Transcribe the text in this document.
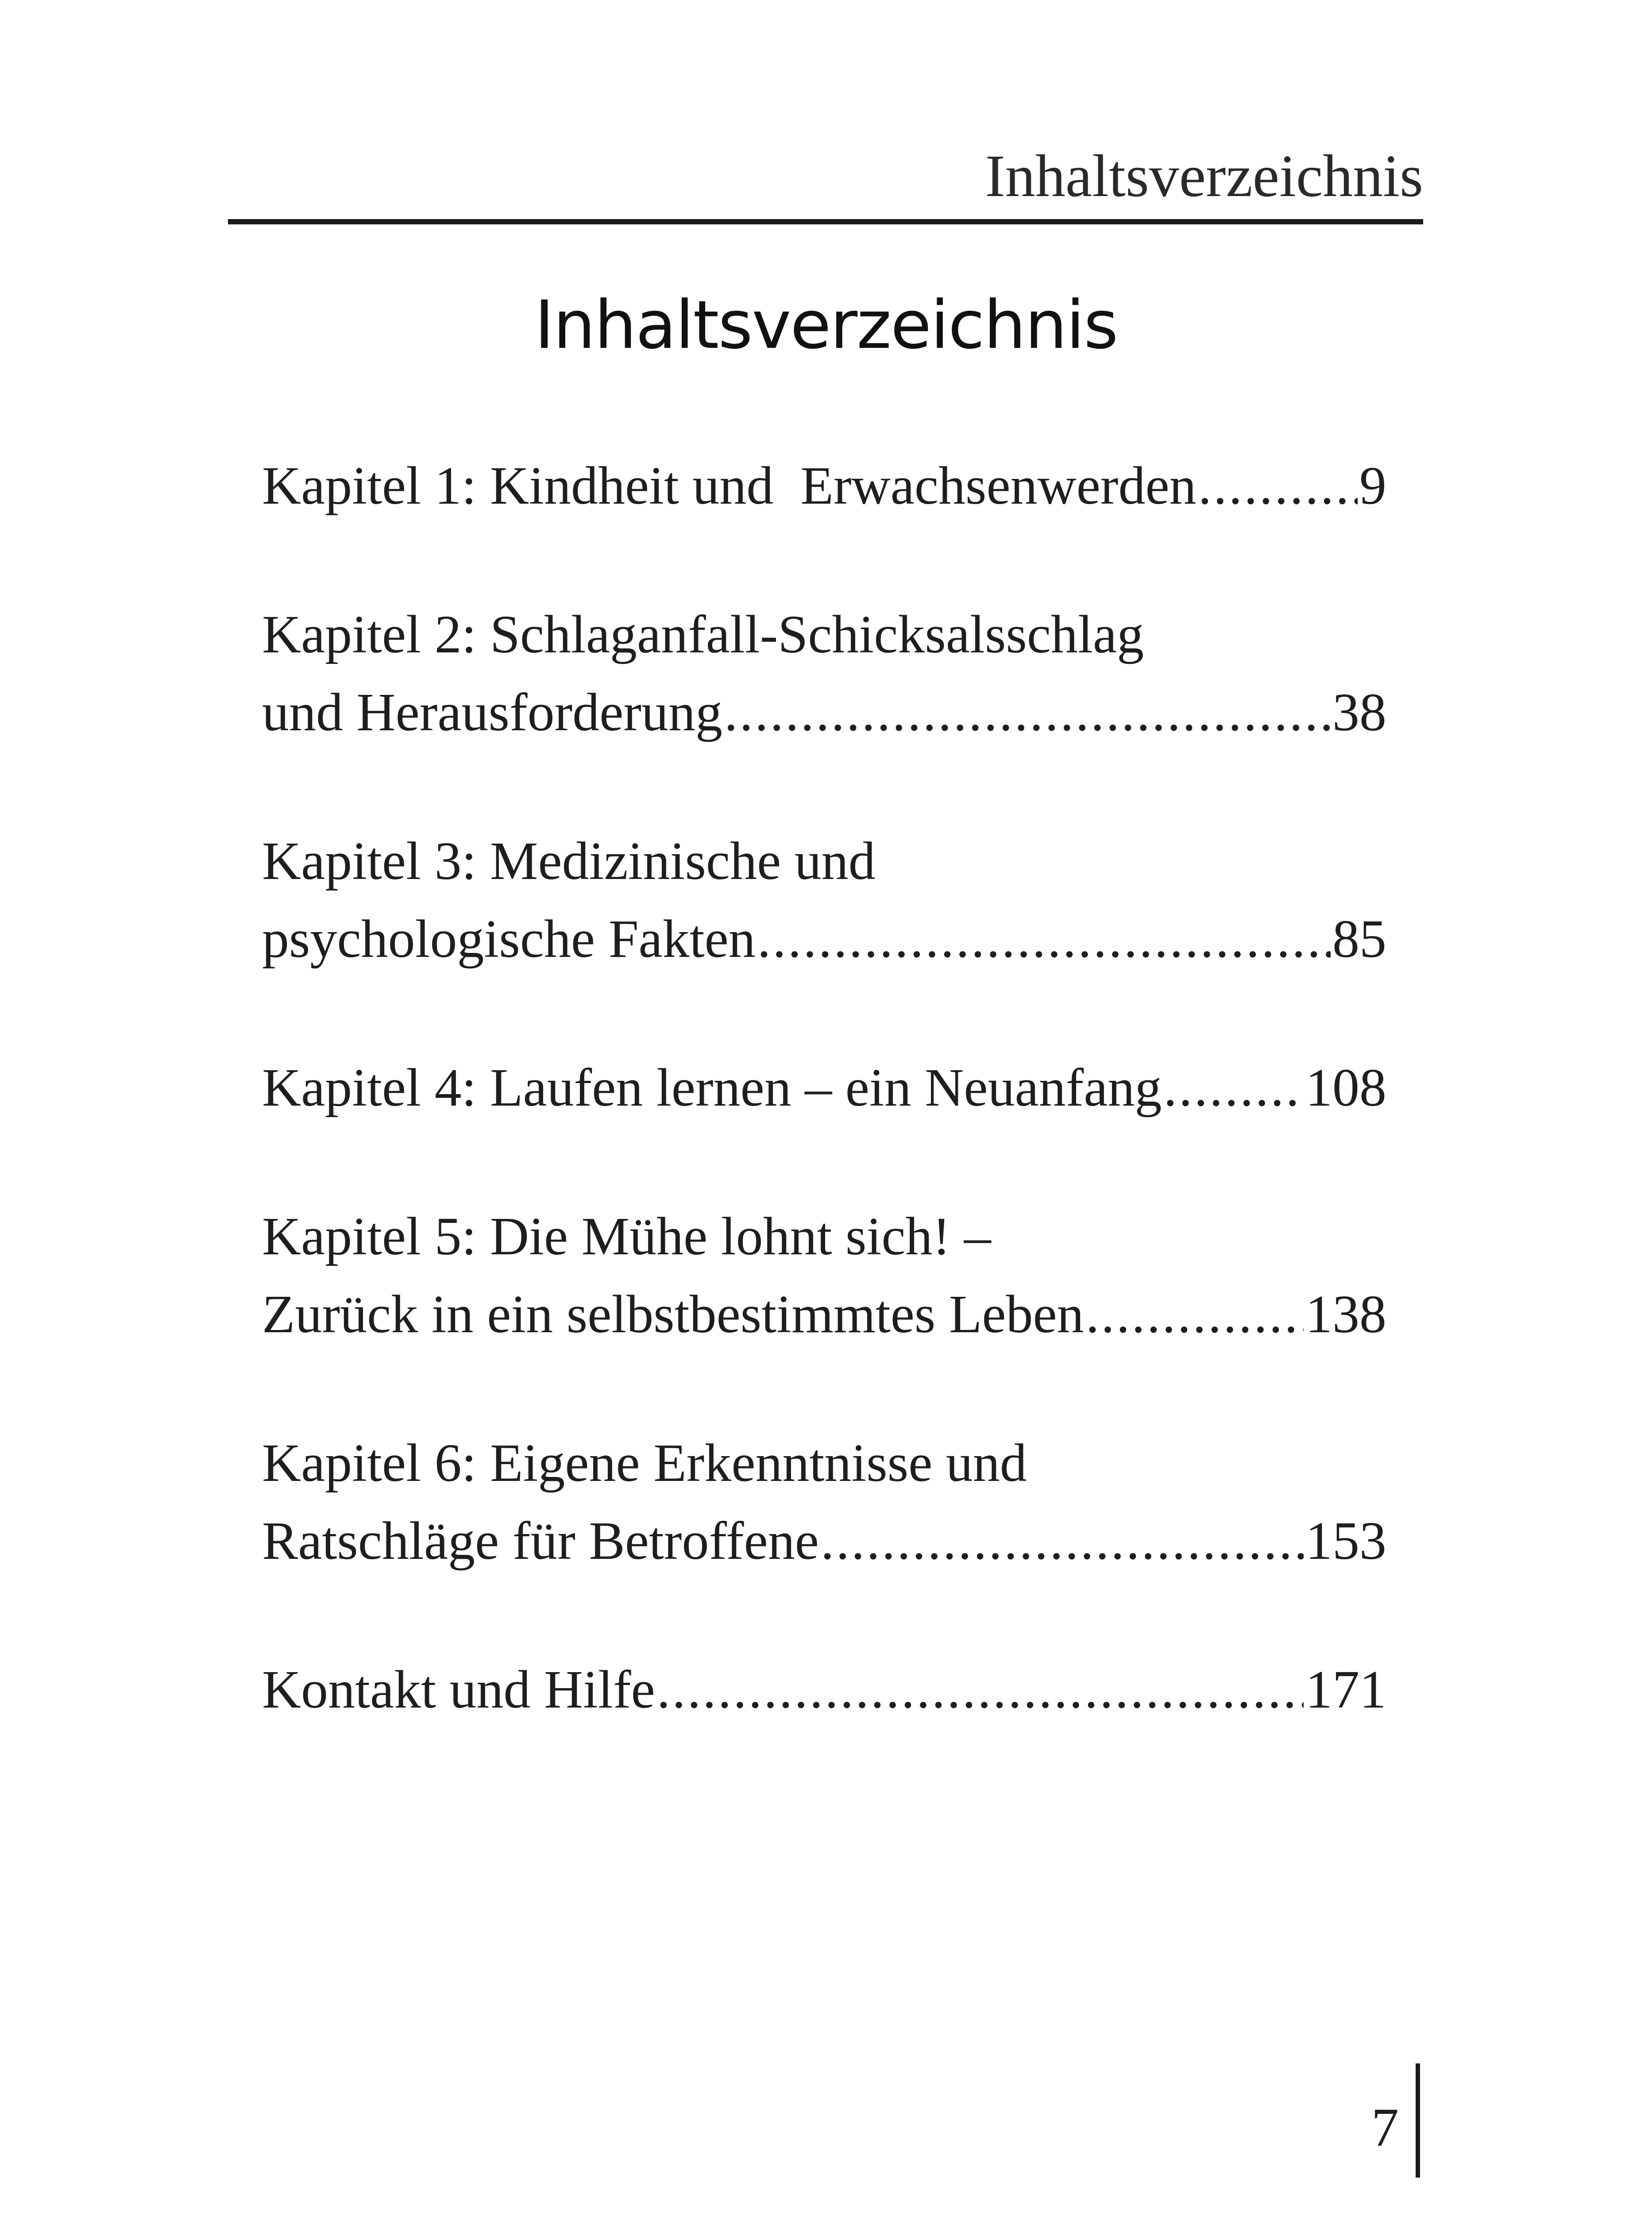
Inhaltsverzeichnis
Inhaltsverzeichnis
Kapitel 1: Kindheit und  Erwachsenwerden .....	9
Kapitel 2: Schlaganfall-Schicksalsschlag
und Herausforderung .....	38
Kapitel 3: Medizinische und
psychologische Fakten .....	85
Kapitel 4: Laufen lernen – ein Neuanfang .....	108
Kapitel 5: Die Mühe lohnt sich! –
Zurück in ein selbstbestimmtes Leben .....	138
Kapitel 6: Eigene Erkenntnisse und
Ratschläge für Betroffene .....	153
Kontakt und Hilfe .....	171
7
